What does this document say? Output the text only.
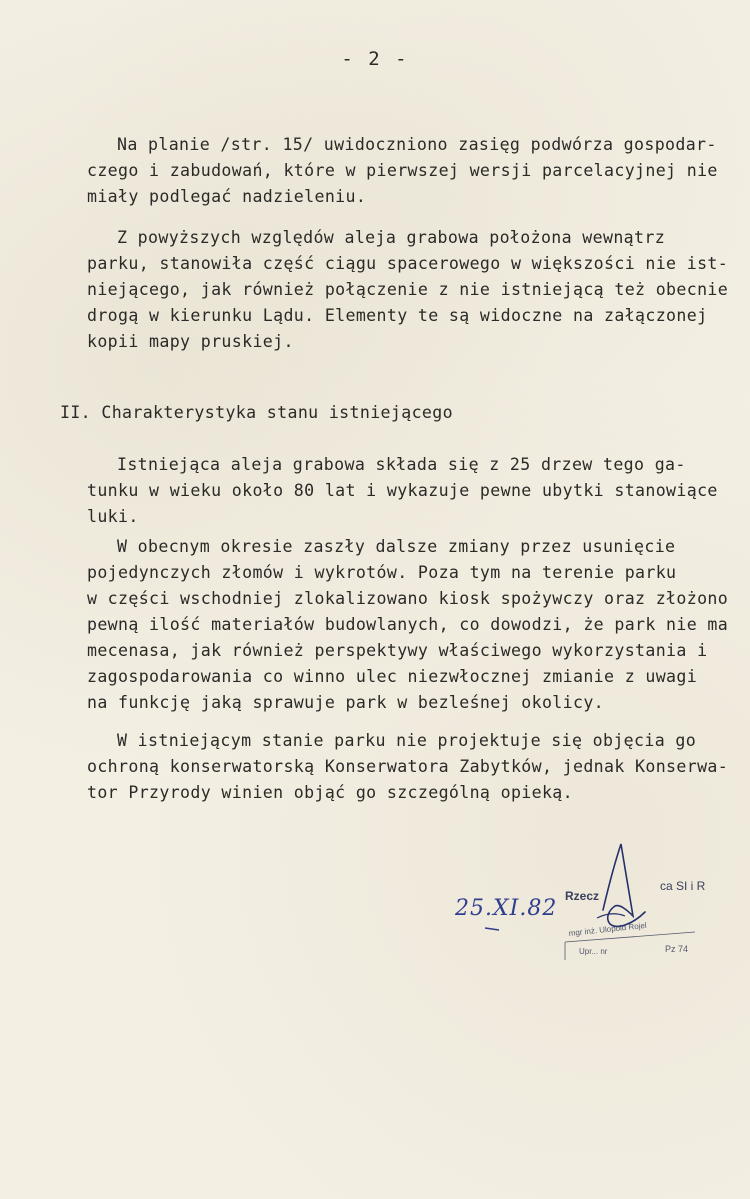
- 2 -
Na planie /str. 15/ uwidoczniono zasięg podwórza gospodar-
czego i zabudowań, które w pierwszej wersji parcelacyjnej nie
miały podlegać nadzieleniu.
Z powyższych względów aleja grabowa położona wewnątrz
parku, stanowiła część ciągu spacerowego w większości nie ist-
niejącego, jak również połączenie z nie istniejącą też obecnie
drogą w kierunku Lądu. Elementy te są widoczne na załączonej
kopii mapy pruskiej.
II. Charakterystyka stanu istniejącego
Istniejąca aleja grabowa składa się z 25 drzew tego ga-
tunku w wieku około 80 lat i wykazuje pewne ubytki stanowiące
luki.
W obecnym okresie zaszły dalsze zmiany przez usunięcie
pojedynczych złomów i wykrotów. Poza tym na terenie parku
w części wschodniej zlokalizowano kiosk spożywczy oraz złożono
pewną ilość materiałów budowlanych, co dowodzi, że park nie ma
mecenasa, jak również perspektywy właściwego wykorzystania i
zagospodarowania co winno ulec niezwłocznej zmianie z uwagi
na funkcję jaką sprawuje park w bezleśnej okolicy.
W istniejącym stanie parku nie projektuje się objęcia go
ochroną konserwatorską Konserwatora Zabytków, jednak Konserwa-
tor Przyrody winien objąć go szczególną opieką.
25.XI.82 Rzecz
ca SI i R
mgr inż. Ulopold Rojel
Upr... nr	Pz 74
